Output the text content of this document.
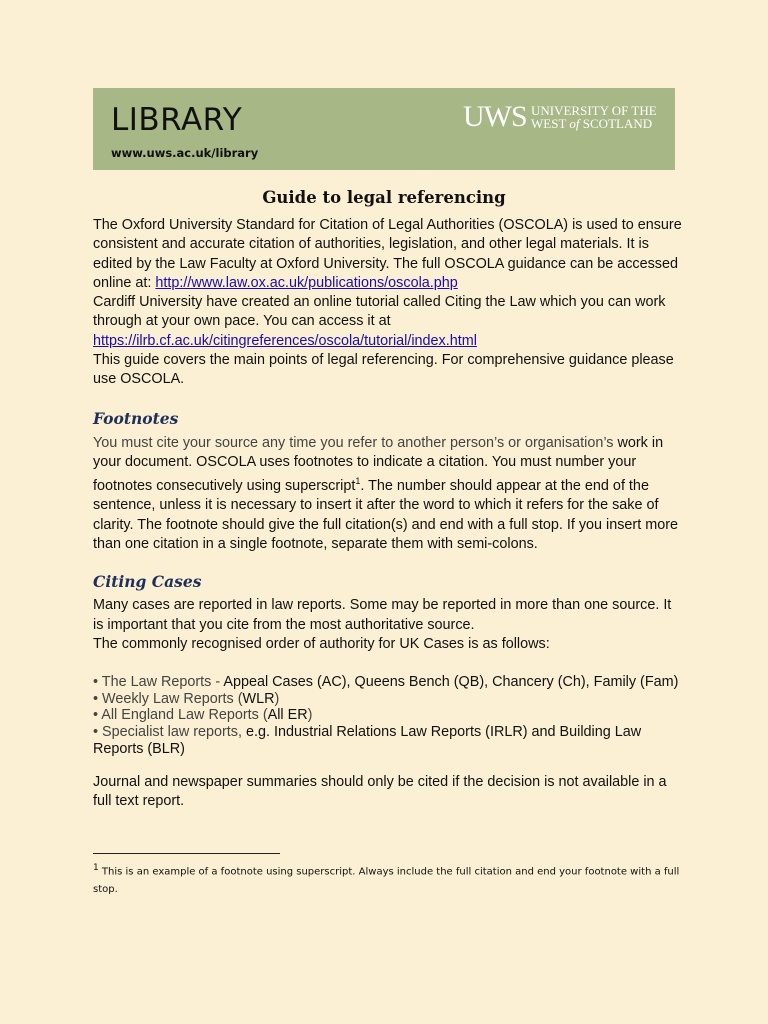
LIBRARY
www.uws.ac.uk/library
UWS UNIVERSITY OF THE
WEST of SCOTLAND
Guide to legal referencing

The Oxford University Standard for Citation of Legal Authorities (OSCOLA) is used to ensure consistent and accurate citation of authorities, legislation, and other legal materials. It is edited by the Law Faculty at Oxford University. The full OSCOLA guidance can be accessed online at: http://www.law.ox.ac.uk/publications/oscola.php
Cardiff University have created an online tutorial called Citing the Law which you can work through at your own pace. You can access it at
https://ilrb.cf.ac.uk/citingreferences/oscola/tutorial/index.html
This guide covers the main points of legal referencing. For comprehensive guidance please use OSCOLA.

Footnotes

You must cite your source any time you refer to another person’s or organisation’s work in your document. OSCOLA uses footnotes to indicate a citation. You must number your footnotes consecutively using superscript$^1$. The number should appear at the end of the sentence, unless it is necessary to insert it after the word to which it refers for the sake of clarity. The footnote should give the full citation(s) and end with a full stop. If you insert more than one citation in a single footnote, separate them with semi-colons.

Citing Cases

Many cases are reported in law reports. Some may be reported in more than one source. It is important that you cite from the most authoritative source.
The commonly recognised order of authority for UK Cases is as follows:

• The Law Reports - Appeal Cases (AC), Queens Bench (QB), Chancery (Ch), Family (Fam)
• Weekly Law Reports (WLR)
• All England Law Reports (All ER)
• Specialist law reports, e.g. Industrial Relations Law Reports (IRLR) and Building Law Reports (BLR)

Journal and newspaper summaries should only be cited if the decision is not available in a full text report.

$^1$ This is an example of a footnote using superscript. Always include the full citation and end your footnote with a full stop.
